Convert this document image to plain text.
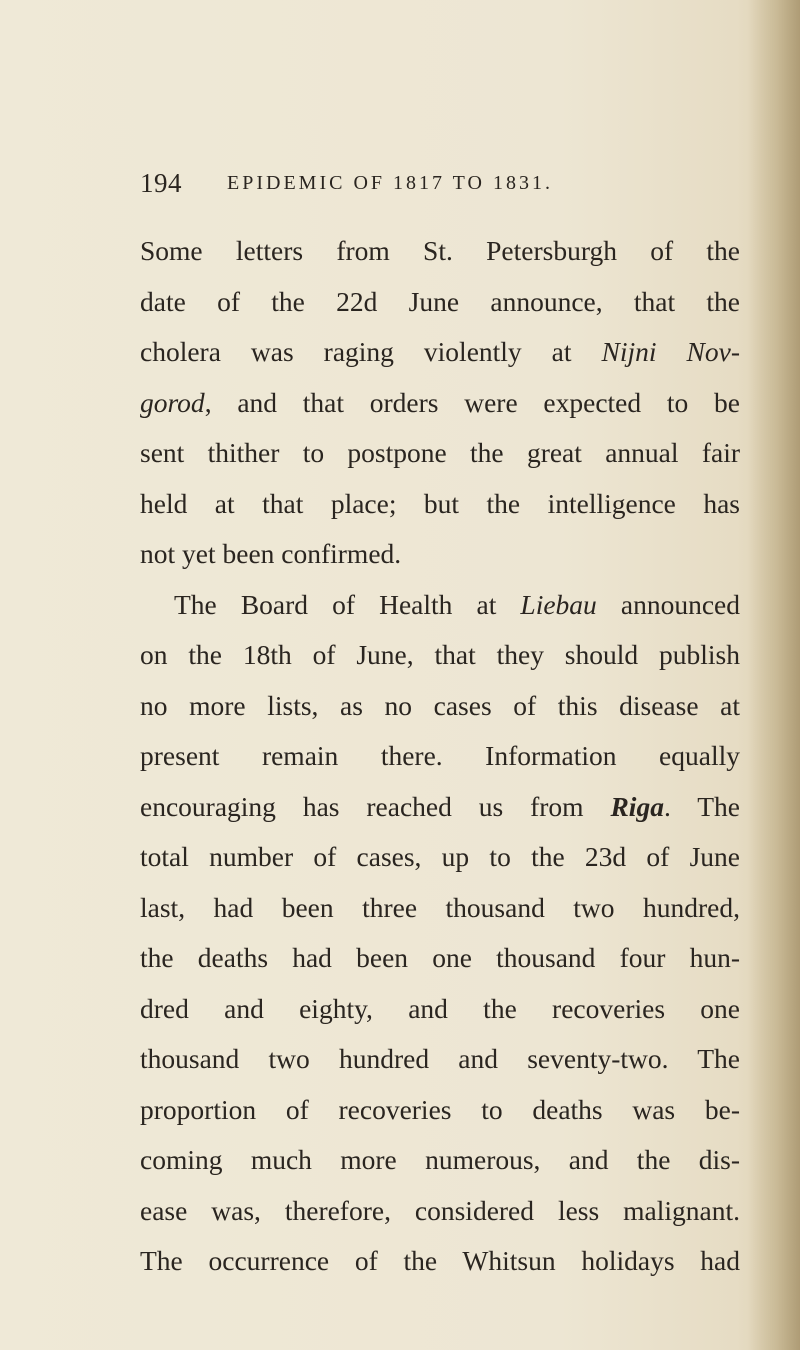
194 EPIDEMIC OF 1817 TO 1831.
Some letters from St. Petersburgh of the
date of the 22d June announce, that the
cholera was raging violently at Nijni Nov-
gorod, and that orders were expected to be
sent thither to postpone the great annual fair
held at that place; but the intelligence has
not yet been confirmed.
The Board of Health at Liebau announced
on the 18th of June, that they should publish
no more lists, as no cases of this disease at
present remain there. Information equally
encouraging has reached us from Riga. The
total number of cases, up to the 23d of June
last, had been three thousand two hundred,
the deaths had been one thousand four hun-
dred and eighty, and the recoveries one
thousand two hundred and seventy-two. The
proportion of recoveries to deaths was be-
coming much more numerous, and the dis-
ease was, therefore, considered less malignant.
The occurrence of the Whitsun holidays had
